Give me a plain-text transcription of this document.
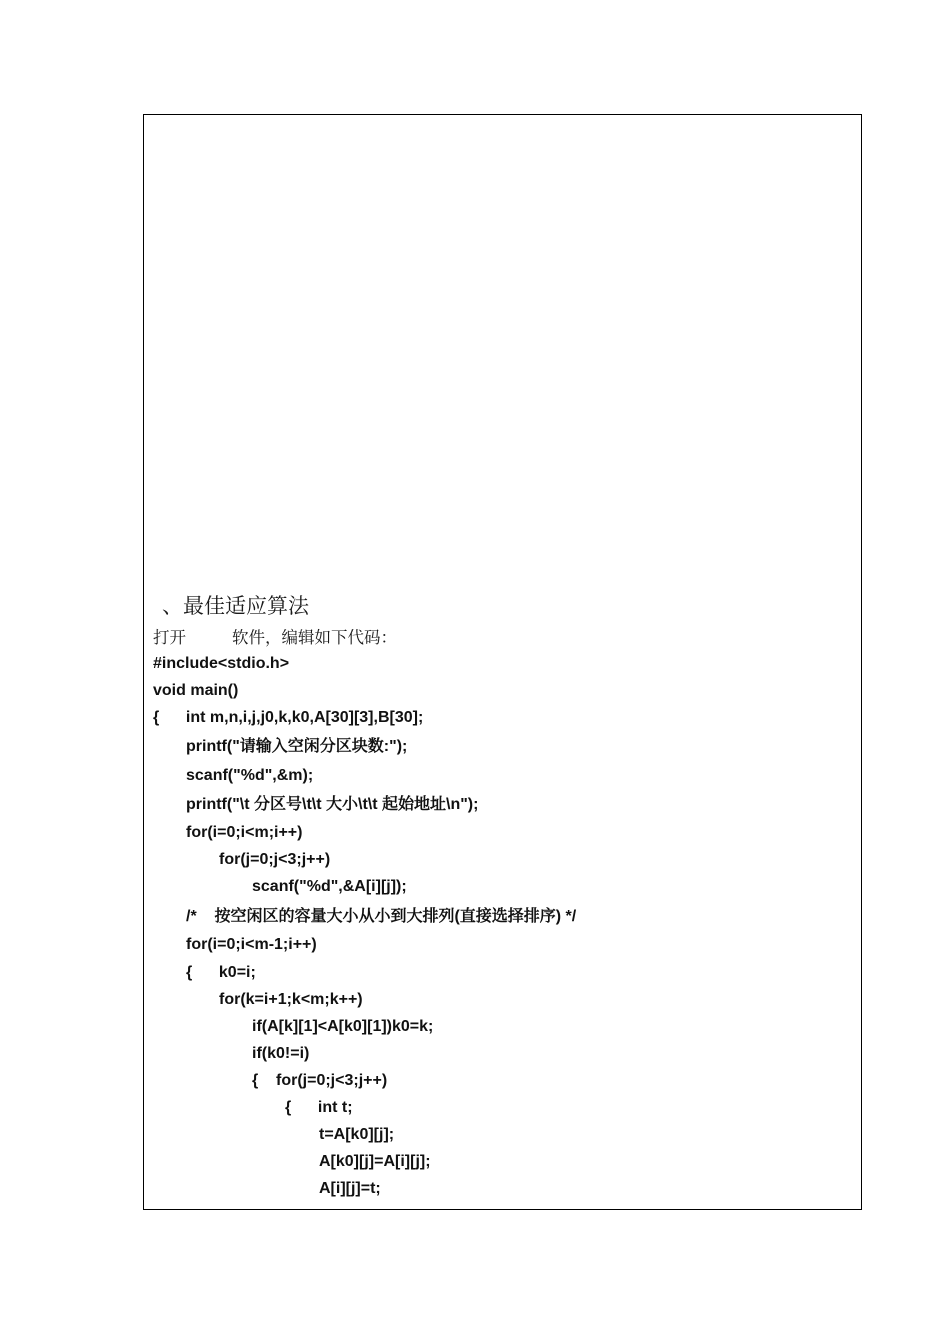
、最佳适应算法
打开	软件，编辑如下代码：
#include<stdio.h>
void main()
{      int m,n,i,j,j0,k,k0,A[30][3],B[30];
printf("请输入空闲分区块数:");
scanf("%d",&m);
printf("\t 分区号\t\t 大小\t\t 起始地址\n");
for(i=0;i<m;i++)
for(j=0;j<3;j++)
scanf("%d",&A[i][j]);
/*    按空闲区的容量大小从小到大排列(直接选择排序) */
for(i=0;i<m-1;i++)
{      k0=i;
for(k=i+1;k<m;k++)
if(A[k][1]<A[k0][1])k0=k;
if(k0!=i)
{    for(j=0;j<3;j++)
{      int t;
t=A[k0][j];
A[k0][j]=A[i][j];
A[i][j]=t;
